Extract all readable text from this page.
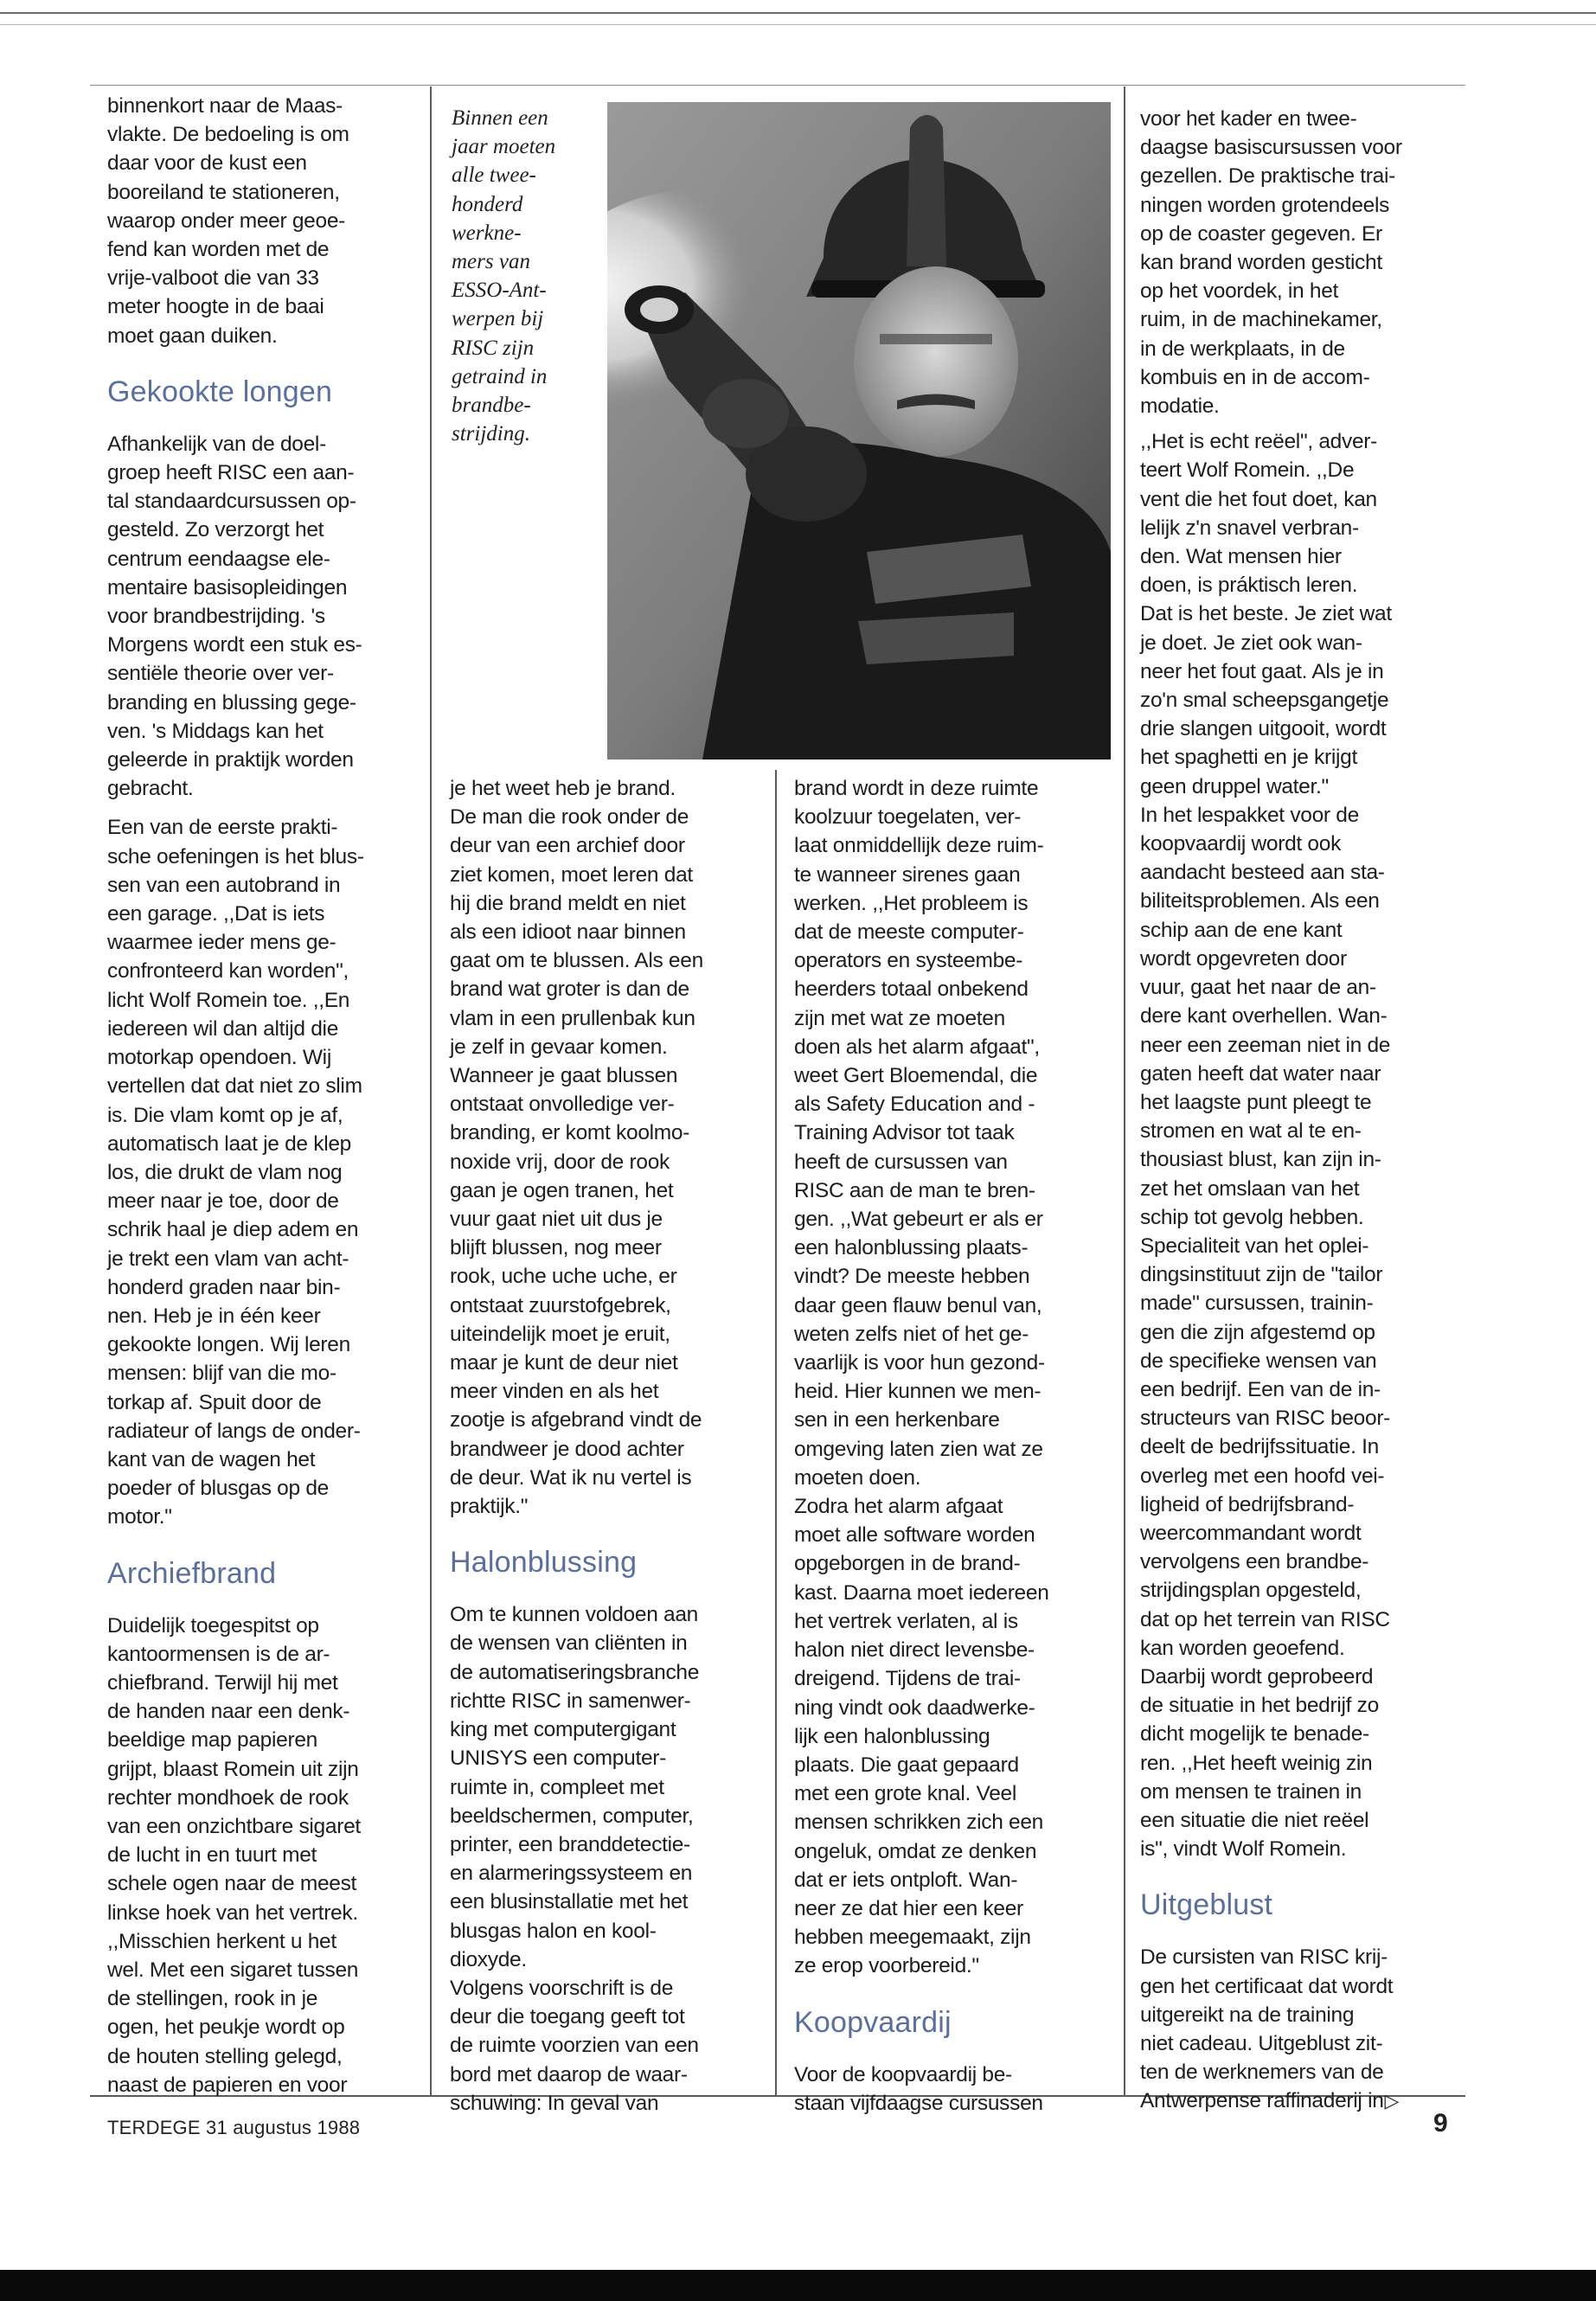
binnenkort naar de Maas-
vlakte. De bedoeling is om
daar voor de kust een
booreiland te stationeren,
waarop onder meer geoe-
fend kan worden met de
vrije-valboot die van 33
meter hoogte in de baai
moet gaan duiken.

Gekookte longen

Afhankelijk van de doel-
groep heeft RISC een aan-
tal standaardcursussen op-
gesteld. Zo verzorgt het
centrum eendaagse ele-
mentaire basisopleidingen
voor brandbestrijding. 's
Morgens wordt een stuk es-
sentiële theorie over ver-
branding en blussing gege-
ven. 's Middags kan het
geleerde in praktijk worden
gebracht.

Een van de eerste prakti-
sche oefeningen is het blus-
sen van een autobrand in
een garage. ,,Dat is iets
waarmee ieder mens ge-
confronteerd kan worden",
licht Wolf Romein toe. ,,En
iedereen wil dan altijd die
motorkap opendoen. Wij
vertellen dat dat niet zo slim
is. Die vlam komt op je af,
automatisch laat je de klep
los, die drukt de vlam nog
meer naar je toe, door de
schrik haal je diep adem en
je trekt een vlam van acht-
honderd graden naar bin-
nen. Heb je in één keer
gekookte longen. Wij leren
mensen: blijf van die mo-
torkap af. Spuit door de
radiateur of langs de onder-
kant van de wagen het
poeder of blusgas op de
motor."

Archiefbrand

Duidelijk toegespitst op
kantoormensen is de ar-
chiefbrand. Terwijl hij met
de handen naar een denk-
beeldige map papieren
grijpt, blaast Romein uit zijn
rechter mondhoek de rook
van een onzichtbare sigaret
de lucht in en tuurt met
schele ogen naar de meest
linkse hoek van het vertrek.
,,Misschien herkent u het
wel. Met een sigaret tussen
de stellingen, rook in je
ogen, het peukje wordt op
de houten stelling gelegd,
naast de papieren en voor

Binnen een
jaar moeten
alle twee-
honderd
werkne-
mers van
ESSO-Ant-
werpen bij
RISC zijn
getraind in
brandbe-
strijding.

je het weet heb je brand.
De man die rook onder de
deur van een archief door
ziet komen, moet leren dat
hij die brand meldt en niet
als een idioot naar binnen
gaat om te blussen. Als een
brand wat groter is dan de
vlam in een prullenbak kun
je zelf in gevaar komen.
Wanneer je gaat blussen
ontstaat onvolledige ver-
branding, er komt koolmo-
noxide vrij, door de rook
gaan je ogen tranen, het
vuur gaat niet uit dus je
blijft blussen, nog meer
rook, uche uche uche, er
ontstaat zuurstofgebrek,
uiteindelijk moet je eruit,
maar je kunt de deur niet
meer vinden en als het
zootje is afgebrand vindt de
brandweer je dood achter
de deur. Wat ik nu vertel is
praktijk."

Halonblussing

Om te kunnen voldoen aan
de wensen van cliënten in
de automatiseringsbranche
richtte RISC in samenwer-
king met computergigant
UNISYS een computer-
ruimte in, compleet met
beeldschermen, computer,
printer, een branddetectie-
en alarmeringssysteem en
een blusinstallatie met het
blusgas halon en kool-
dioxyde.
Volgens voorschrift is de
deur die toegang geeft tot
de ruimte voorzien van een
bord met daarop de waar-
schuwing: In geval van

brand wordt in deze ruimte
koolzuur toegelaten, ver-
laat onmiddellijk deze ruim-
te wanneer sirenes gaan
werken. ,,Het probleem is
dat de meeste computer-
operators en systeembe-
heerders totaal onbekend
zijn met wat ze moeten
doen als het alarm afgaat",
weet Gert Bloemendal, die
als Safety Education and -
Training Advisor tot taak
heeft de cursussen van
RISC aan de man te bren-
gen. ,,Wat gebeurt er als er
een halonblussing plaats-
vindt? De meeste hebben
daar geen flauw benul van,
weten zelfs niet of het ge-
vaarlijk is voor hun gezond-
heid. Hier kunnen we men-
sen in een herkenbare
omgeving laten zien wat ze
moeten doen.
Zodra het alarm afgaat
moet alle software worden
opgeborgen in de brand-
kast. Daarna moet iedereen
het vertrek verlaten, al is
halon niet direct levensbe-
dreigend. Tijdens de trai-
ning vindt ook daadwerke-
lijk een halonblussing
plaats. Die gaat gepaard
met een grote knal. Veel
mensen schrikken zich een
ongeluk, omdat ze denken
dat er iets ontploft. Wan-
neer ze dat hier een keer
hebben meegemaakt, zijn
ze erop voorbereid."

Koopvaardij

Voor de koopvaardij be-
staan vijfdaagse cursussen

voor het kader en twee-
daagse basiscursussen voor
gezellen. De praktische trai-
ningen worden grotendeels
op de coaster gegeven. Er
kan brand worden gesticht
op het voordek, in het
ruim, in de machinekamer,
in de werkplaats, in de
kombuis en in de accom-
modatie.

,,Het is echt reëel", adver-
teert Wolf Romein. ,,De
vent die het fout doet, kan
lelijk z'n snavel verbran-
den. Wat mensen hier
doen, is práktisch leren.
Dat is het beste. Je ziet wat
je doet. Je ziet ook wan-
neer het fout gaat. Als je in
zo'n smal scheepsgangetje
drie slangen uitgooit, wordt
het spaghetti en je krijgt
geen druppel water."
In het lespakket voor de
koopvaardij wordt ook
aandacht besteed aan sta-
biliteitsproblemen. Als een
schip aan de ene kant
wordt opgevreten door
vuur, gaat het naar de an-
dere kant overhellen. Wan-
neer een zeeman niet in de
gaten heeft dat water naar
het laagste punt pleegt te
stromen en wat al te en-
thousiast blust, kan zijn in-
zet het omslaan van het
schip tot gevolg hebben.
Specialiteit van het oplei-
dingsinstituut zijn de "tailor
made" cursussen, trainin-
gen die zijn afgestemd op
de specifieke wensen van
een bedrijf. Een van de in-
structeurs van RISC beoor-
deelt de bedrijfssituatie. In
overleg met een hoofd vei-
ligheid of bedrijfsbrand-
weercommandant wordt
vervolgens een brandbe-
strijdingsplan opgesteld,
dat op het terrein van RISC
kan worden geoefend.
Daarbij wordt geprobeerd
de situatie in het bedrijf zo
dicht mogelijk te benade-
ren. ,,Het heeft weinig zin
om mensen te trainen in
een situatie die niet reëel
is", vindt Wolf Romein.

Uitgeblust

De cursisten van RISC krij-
gen het certificaat dat wordt
uitgereikt na de training
niet cadeau. Uitgeblust zit-
ten de werknemers van de
Antwerpense raffinaderij in▷

TERDEGE 31 augustus 1988	9
